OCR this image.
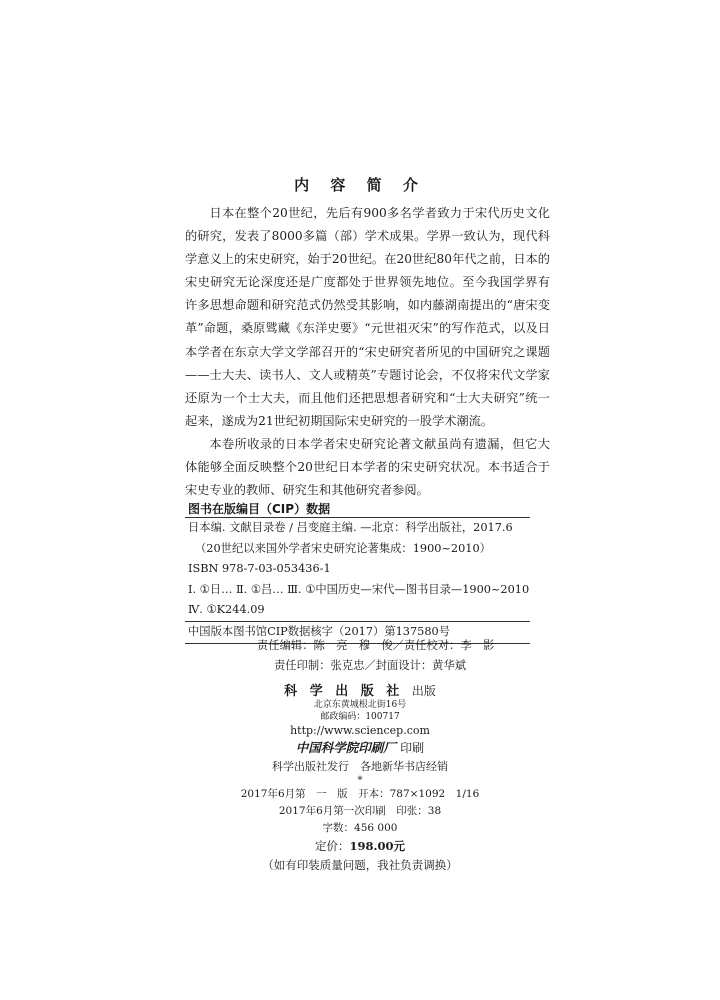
内 容 简 介

日本在整个20世纪，先后有900多名学者致力于宋代历史文化的研究，发表了8000多篇（部）学术成果。学界一致认为，现代科学意义上的宋史研究，始于20世纪。在20世纪80年代之前，日本的宋史研究无论深度还是广度都处于世界领先地位。至今我国学界有许多思想命题和研究范式仍然受其影响，如内藤湖南提出的“唐宋变革”命题，桑原骘藏《东洋史要》“元世祖灭宋”的写作范式，以及日本学者在东京大学文学部召开的“宋史研究者所见的中国研究之课题——士大夫、读书人、文人或精英”专题讨论会，不仅将宋代文学家还原为一个士大夫，而且他们还把思想者研究和“士大夫研究”统一起来，遂成为21世纪初期国际宋史研究的一股学术潮流。

本卷所收录的日本学者宋史研究论著文献虽尚有遗漏，但它大体能够全面反映整个20世纪日本学者的宋史研究状况。本书适合于宋史专业的教师、研究生和其他研究者参阅。

图书在版编目（CIP）数据
日本编. 文献目录卷 / 吕变庭主编. —北京：科学出版社，2017.6
（20世纪以来国外学者宋史研究论著集成：1900~2010）
ISBN 978-7-03-053436-1
Ⅰ. ①日… Ⅱ. ①吕… Ⅲ. ①中国历史—宋代—图书目录—1900~2010
Ⅳ. ①K244.09
中国版本图书馆CIP数据核字（2017）第137580号
责任编辑：陈　亮　穆　俊／责任校对：李　影
责任印制：张克忠／封面设计：黄华斌
科 学 出 版 社 出版
北京东黄城根北街16号
邮政编码：100717
http://www.sciencep.com
中国科学院印刷厂 印刷
科学出版社发行　各地新华书店经销
*
2017年6月第　一　版　开本：787×1092　1/16
2017年6月第一次印刷　印张：38
字数：456 000
定价：198.00元
（如有印装质量问题，我社负责调换）
